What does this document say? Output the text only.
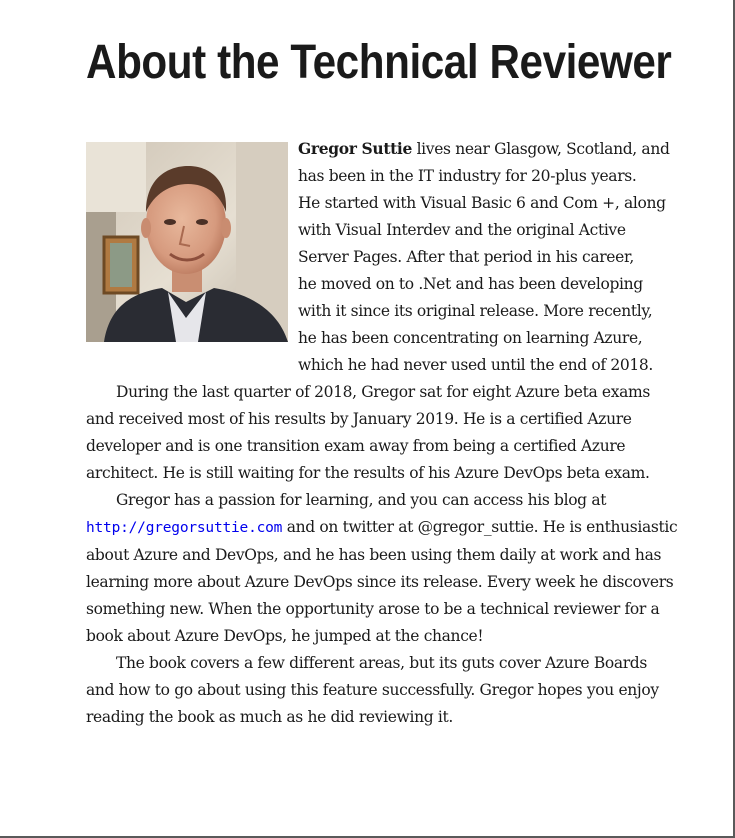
About the Technical Reviewer

Gregor Suttie lives near Glasgow, Scotland, and
has been in the IT industry for 20-plus years.
He started with Visual Basic 6 and Com +, along
with Visual Interdev and the original Active
Server Pages. After that period in his career,
he moved on to .Net and has been developing
with it since its original release. More recently,
he has been concentrating on learning Azure,
which he had never used until the end of 2018.

During the last quarter of 2018, Gregor sat for eight Azure beta exams and received most of his results by January 2019. He is a certified Azure developer and is one transition exam away from being a certified Azure architect. He is still waiting for the results of his Azure DevOps beta exam.

Gregor has a passion for learning, and you can access his blog at http://gregorsuttie.com and on twitter at @gregor_suttie. He is enthusiastic about Azure and DevOps, and he has been using them daily at work and has learning more about Azure DevOps since its release. Every week he discovers something new. When the opportunity arose to be a technical reviewer for a book about Azure DevOps, he jumped at the chance!

The book covers a few different areas, but its guts cover Azure Boards and how to go about using this feature successfully. Gregor hopes you enjoy reading the book as much as he did reviewing it.
